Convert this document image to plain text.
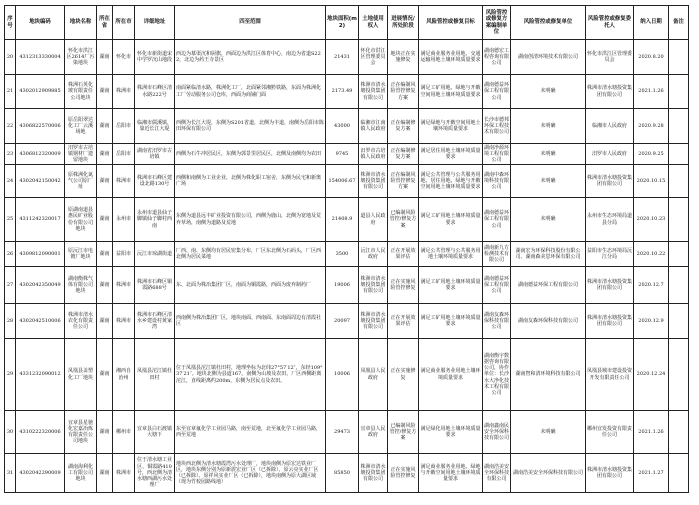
序号	地块编码	地块名称	所在省	所在市	详细地址	四至范围	地块面积(m2)	土地使用权人	进展情况/所处阶段	风险管控或修复目标	风险管控或修复方案编制单位	风险管控或修复单位	风险管控或修复委托人	纳入日期	备注
20	4312313330004	怀化市洪江区2614厂污染地块	湖南	怀化市	怀化市新街道宋中学罗沉山地段	西边为慕渠沉和厨旗，西面边为洪江区体育中心，南边为省道S222，北边为药王寺景区	21431	怀化市洪江区管理委员会	地块正在实施修复	满足商业服务业用地、交通运输用地土壤环境质量要求	湖南德宏工程咨询有限公司	湖南创清环境技术有限公司	怀化市洪江区管理委员会	2020.8.20	
21	4302012909885	株洲石英化玻有限责任公司地块	湖南	株洲市	株洲市石峰区清水路222号	南面紧临清水路，株洲化工厂，北面紧邻湘黔铁路，东面为株洲化工厂劳动服务公司仓库，西面为商铺门面	2173.49	株洲市清水塘投资集团有限公司	正在编制风险管控修复方案	满足工矿用地、绿地与开敞空间用地土壤环境质量要求	湖南德益环保工程有限公司	未明确	株洲市清水塘投资集团有限公司	2021.1.26	
22	4306822570006	原岳阳翠达化工厂云溪场地	湖南	岳阳市	临湘市儒溪镇，靠近长江大堤	西侧为长江大堤，东侧为S201省道，北侧为丰道，南侧为岳阳市陈田环保有限公司	43000	临湘市江南镇人民政府	正在编制修复方案	满足绿地与开敞空间用地土壤环境质量要求	长沙市德邦环保工程技术有限公司	未明确	临湘市人民政府	2020.9.28	
23	4306812320009	汨罗市古培镇钢材厂遗留地块	湖南	岳阳市	湖南省汨罗市古培镇	西侧为石牛冲居民区，东侧为郭景里居民区，北侧及南侧均为农田	9745	汨罗市古培镇人民政府	正在编制修复方案	满足居住用地土壤环境质量要求	湖南净源环境工程有限公司	未明确	汨罗市人民政府	2020.9.25	
24	4302042150042	原株洲化氮气公司原厂址	湖南	株洲市	株洲市石峰区建设北路130号	西侧和南侧为工业企业，北侧为株化职工宿舍，东侧为民宅和新奥广场	154006.67	株洲市清水塘投资集团有限公司	正在编制风险管控修复方案	满足公共管理与公共服务用地、居住用地、绿地与开敞空间用地土壤环境质量要求	湖南中森环境科技有限公司	未明确	株洲市清水塘投资集团有限公司	2020.10.15	
25	4311242320017	原湖南道县惠民矿业股份有限公司地块	湖南	永州市	永州市道县仙子脚镇仙子脚村西南	东侧为道县远丰矿业投资有限公司，西侧为鹿山，北侧为宽地及荒弃草场，南侧为道路及荒地	21408.9	道县人民政府	已编制风险管控/修复方案	满足工矿用地土壤环境质量要求	湖南德益环保工程有限公司	未明确	永州市生态环境局道县分局	2020.10.23	
26	4309812090001	原沅江市电镀厂地块	湖南	益阳市	沅江市琼湖街道	厂西、南、东侧均有居民密集分布，厂区东北侧为石码头，厂区西北侧为居民菜地	3500	沅江市人民政府	正在开展效果评估	满足公共管理与公共服务用地土壤环境质量要求	湖南新九方检测技术有限公司	湖南宏为环保科技股份有限公司、湖南森美思环保有限公司	益阳市生态环境局沅江分局	2020.10.22	
27	4302042350049	湖南衡株气体有限公司地块	湖南	株洲市	株洲市石峰区铜霞路688号	东、北面为株冶集团厂区，南面为铜霞路，西面为废弃制药厂	19006	株洲市清水塘投资集团有限公司	正在实施风险管控修复	满足工矿用地土壤环境质量要求	湖南德益环保工程有限公司	湖南德益环保工程有限公司	株洲市清水塘投资集团有限公司	2020.12.7	
28	4302042510006	株洲市清水农化有限责任公司	湖南	株洲市	株洲市石峰区清水乡建设村黄家湾	西南侧为株冶集团厂区，地块南面、西南面、东南面周边有清霞社区	20097	株洲市清水塘投资集团有限公司	正在开展效果评估	满足工矿用地土壤环境质量要求	湖南友森环保科技有限公司	湖南友森环保科技有限公司	株洲市清水塘投资集团有限公司	2020.12.9	
29	4331232090012	凤凰县盖塑化工厂地块	湖南	湘西自治州	凤凰县沱江镇杜田村	位于凤凰县沱江镇杜田村，地理坐标为北纬27°57′12″，东经109°37′21″。地块北侧为县道167，南侧为山坡及农田，厂区西侧距离沱江，直线距离约200m，东侧为居民点及农田。	10006	凤凰县人民政府	正在实施修复	满足商业服务业用地土壤环境质量要求	湖南衡宇数据咨询有限公司，协作单位：长沙水大净化技术工程有限公司	湖南智和清环境科技有限公司	凤凰县城市建设投资开发有限责任公司	2020.12.24	
30	4310222320006	宜章县星驰化宏嘉冶炼有限责任公司地块	湖南	郴州市	宜章县白石渡镇大塘下	东至宜章氟化学工业园马路，南至荒地，北至氟化学工业园马路，西至荒地	29473	宜章县人民政府	已编制风险管控/修复方案	满足绿化用地土壤环境质量要求	湖南鑫南民安全环保科技有限公司	未明确	郴州宜发投资有限责任公司	2021.1.26	
31	4302042290009	湖南海利化工有限公司地块	湖南	株洲市	位于清水塘工业区，铜霞路410号，西北侧为清水塘西湖污水处理厂	地块西北侧为清水塘霞湾污水处理厂，地块南侧为原宏达铁业厂区，地块东侧分别为原新震宏业厂区（已拆除）、原云亮实业厂区（已拆除）、原祥风实业厂区（已拆除），地块南侧为原大湖区域（现为竹校园路线地）	85850	株洲市清水塘投资集团有限公司	正在实施风险管控修复	满足商业服务业用地、绿地与开敞空间用地土壤环境质量要求	湖南浩美安全环保科技有限公司	湖南浩美安全环保科技有限公司	株洲市清水塘投资集团有限公司	2021.1.27	
